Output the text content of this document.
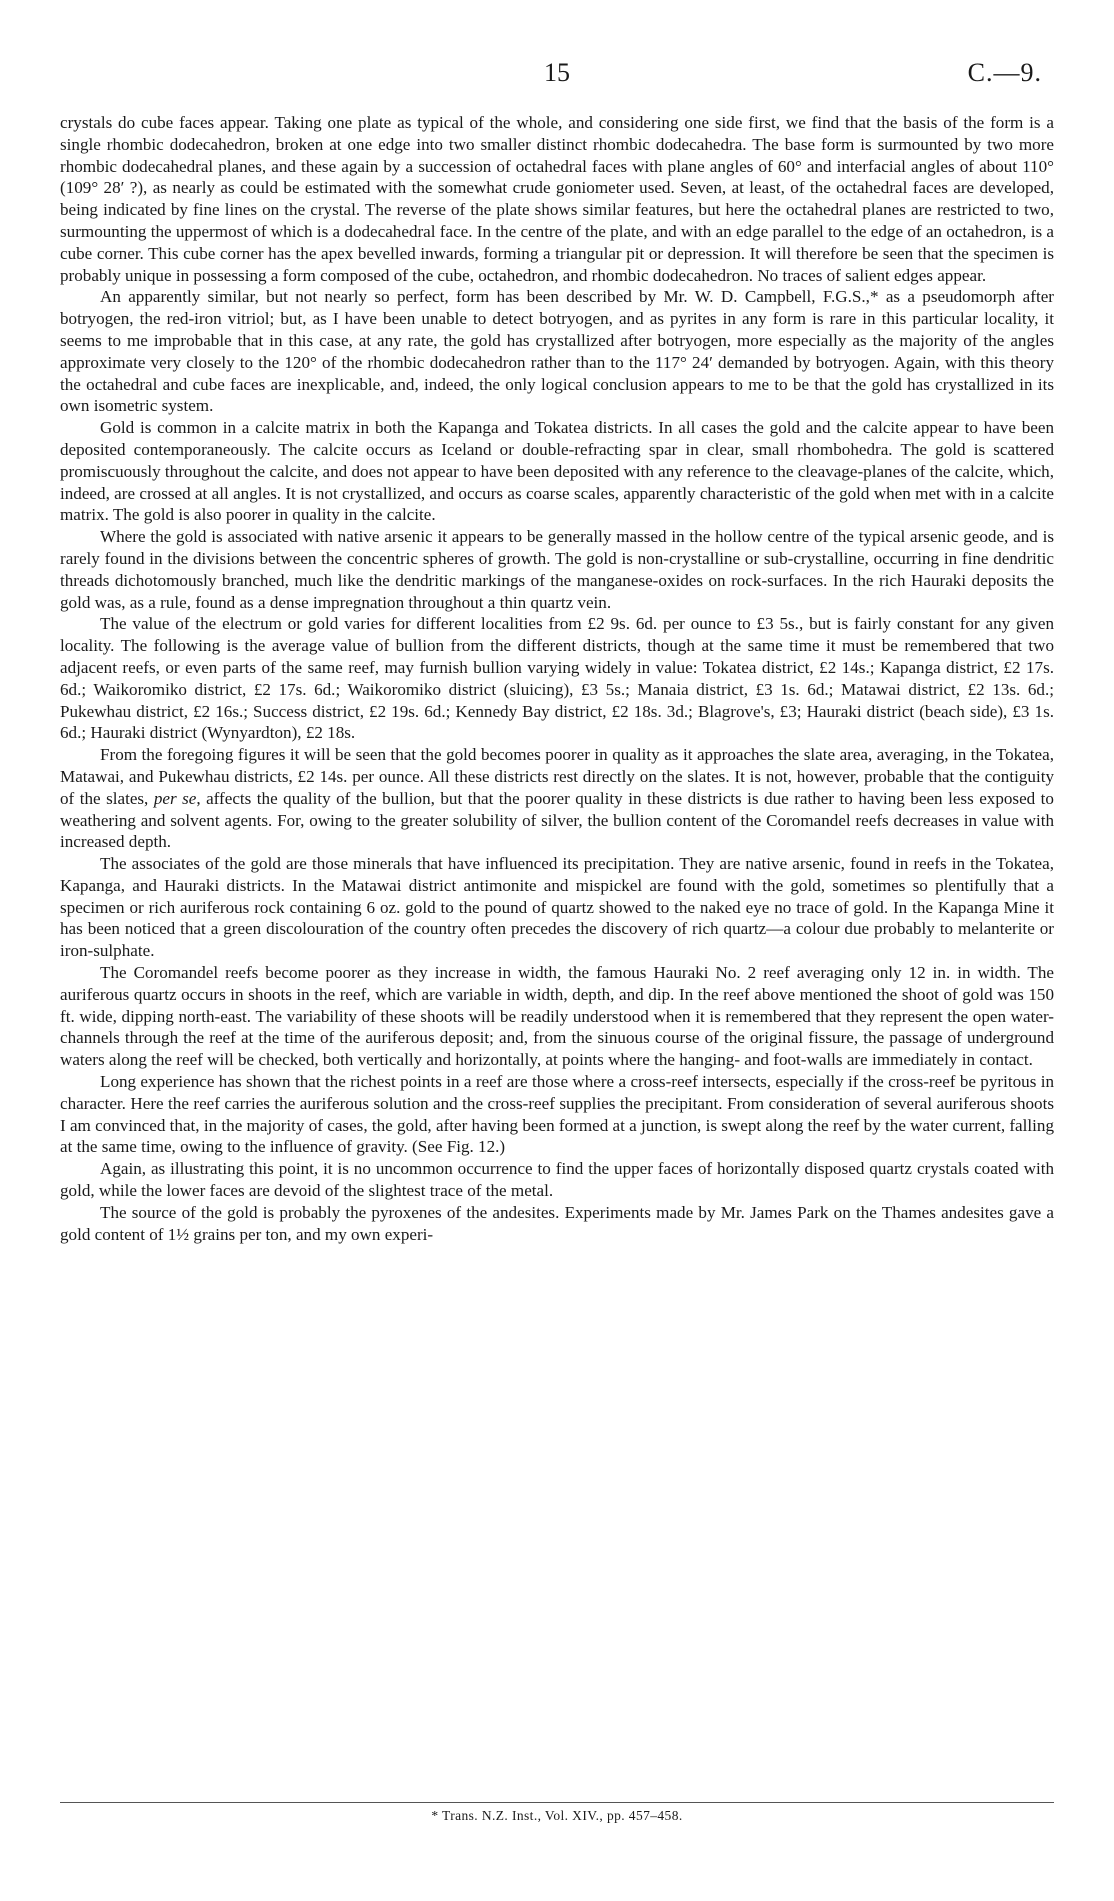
15	C.—9.

crystals do cube faces appear. Taking one plate as typical of the whole, and considering one side first, we find that the basis of the form is a single rhombic dodecahedron, broken at one edge into two smaller distinct rhombic dodecahedra. The base form is surmounted by two more rhombic dodecahedral planes, and these again by a succession of octahedral faces with plane angles of 60° and interfacial angles of about 110° (109° 28′ ?), as nearly as could be estimated with the somewhat crude goniometer used. Seven, at least, of the octahedral faces are developed, being indicated by fine lines on the crystal. The reverse of the plate shows similar features, but here the octahedral planes are restricted to two, surmounting the uppermost of which is a dodecahedral face. In the centre of the plate, and with an edge parallel to the edge of an octahedron, is a cube corner. This cube corner has the apex bevelled inwards, forming a triangular pit or depression. It will therefore be seen that the specimen is probably unique in possessing a form composed of the cube, octahedron, and rhombic dodecahedron. No traces of salient edges appear.

An apparently similar, but not nearly so perfect, form has been described by Mr. W. D. Campbell, F.G.S.,* as a pseudomorph after botryogen, the red-iron vitriol; but, as I have been unable to detect botryogen, and as pyrites in any form is rare in this particular locality, it seems to me improbable that in this case, at any rate, the gold has crystallized after botryogen, more especially as the majority of the angles approximate very closely to the 120° of the rhombic dodecahedron rather than to the 117° 24′ demanded by botryogen. Again, with this theory the octahedral and cube faces are inexplicable, and, indeed, the only logical conclusion appears to me to be that the gold has crystallized in its own isometric system.

Gold is common in a calcite matrix in both the Kapanga and Tokatea districts. In all cases the gold and the calcite appear to have been deposited contemporaneously. The calcite occurs as Iceland or double-refracting spar in clear, small rhombohedra. The gold is scattered promiscuously throughout the calcite, and does not appear to have been deposited with any reference to the cleavage-planes of the calcite, which, indeed, are crossed at all angles. It is not crystallized, and occurs as coarse scales, apparently characteristic of the gold when met with in a calcite matrix. The gold is also poorer in quality in the calcite.

Where the gold is associated with native arsenic it appears to be generally massed in the hollow centre of the typical arsenic geode, and is rarely found in the divisions between the concentric spheres of growth. The gold is non-crystalline or sub-crystalline, occurring in fine dendritic threads dichotomously branched, much like the dendritic markings of the manganese-oxides on rock-surfaces. In the rich Hauraki deposits the gold was, as a rule, found as a dense impregnation throughout a thin quartz vein.

The value of the electrum or gold varies for different localities from £2 9s. 6d. per ounce to £3 5s., but is fairly constant for any given locality. The following is the average value of bullion from the different districts, though at the same time it must be remembered that two adjacent reefs, or even parts of the same reef, may furnish bullion varying widely in value: Tokatea district, £2 14s.; Kapanga district, £2 17s. 6d.; Waikoromiko district, £2 17s. 6d.; Waikoromiko district (sluicing), £3 5s.; Manaia district, £3 1s. 6d.; Matawai district, £2 13s. 6d.; Pukewhau district, £2 16s.; Success district, £2 19s. 6d.; Kennedy Bay district, £2 18s. 3d.; Blagrove's, £3; Hauraki district (beach side), £3 1s. 6d.; Hauraki district (Wynyardton), £2 18s.

From the foregoing figures it will be seen that the gold becomes poorer in quality as it approaches the slate area, averaging, in the Tokatea, Matawai, and Pukewhau districts, £2 14s. per ounce. All these districts rest directly on the slates. It is not, however, probable that the contiguity of the slates, per se, affects the quality of the bullion, but that the poorer quality in these districts is due rather to having been less exposed to weathering and solvent agents. For, owing to the greater solubility of silver, the bullion content of the Coromandel reefs decreases in value with increased depth.

The associates of the gold are those minerals that have influenced its precipitation. They are native arsenic, found in reefs in the Tokatea, Kapanga, and Hauraki districts. In the Matawai district antimonite and mispickel are found with the gold, sometimes so plentifully that a specimen or rich auriferous rock containing 6 oz. gold to the pound of quartz showed to the naked eye no trace of gold. In the Kapanga Mine it has been noticed that a green discolouration of the country often precedes the discovery of rich quartz—a colour due probably to melanterite or iron-sulphate.

The Coromandel reefs become poorer as they increase in width, the famous Hauraki No. 2 reef averaging only 12 in. in width. The auriferous quartz occurs in shoots in the reef, which are variable in width, depth, and dip. In the reef above mentioned the shoot of gold was 150 ft. wide, dipping north-east. The variability of these shoots will be readily understood when it is remembered that they represent the open water-channels through the reef at the time of the auriferous deposit; and, from the sinuous course of the original fissure, the passage of underground waters along the reef will be checked, both vertically and horizontally, at points where the hanging- and foot-walls are immediately in contact.

Long experience has shown that the richest points in a reef are those where a cross-reef intersects, especially if the cross-reef be pyritous in character. Here the reef carries the auriferous solution and the cross-reef supplies the precipitant. From consideration of several auriferous shoots I am convinced that, in the majority of cases, the gold, after having been formed at a junction, is swept along the reef by the water current, falling at the same time, owing to the influence of gravity. (See Fig. 12.)

Again, as illustrating this point, it is no uncommon occurrence to find the upper faces of horizontally disposed quartz crystals coated with gold, while the lower faces are devoid of the slightest trace of the metal.

The source of the gold is probably the pyroxenes of the andesites. Experiments made by Mr. James Park on the Thames andesites gave a gold content of 1½ grains per ton, and my own experi-

* Trans. N.Z. Inst., Vol. XIV., pp. 457–458.
